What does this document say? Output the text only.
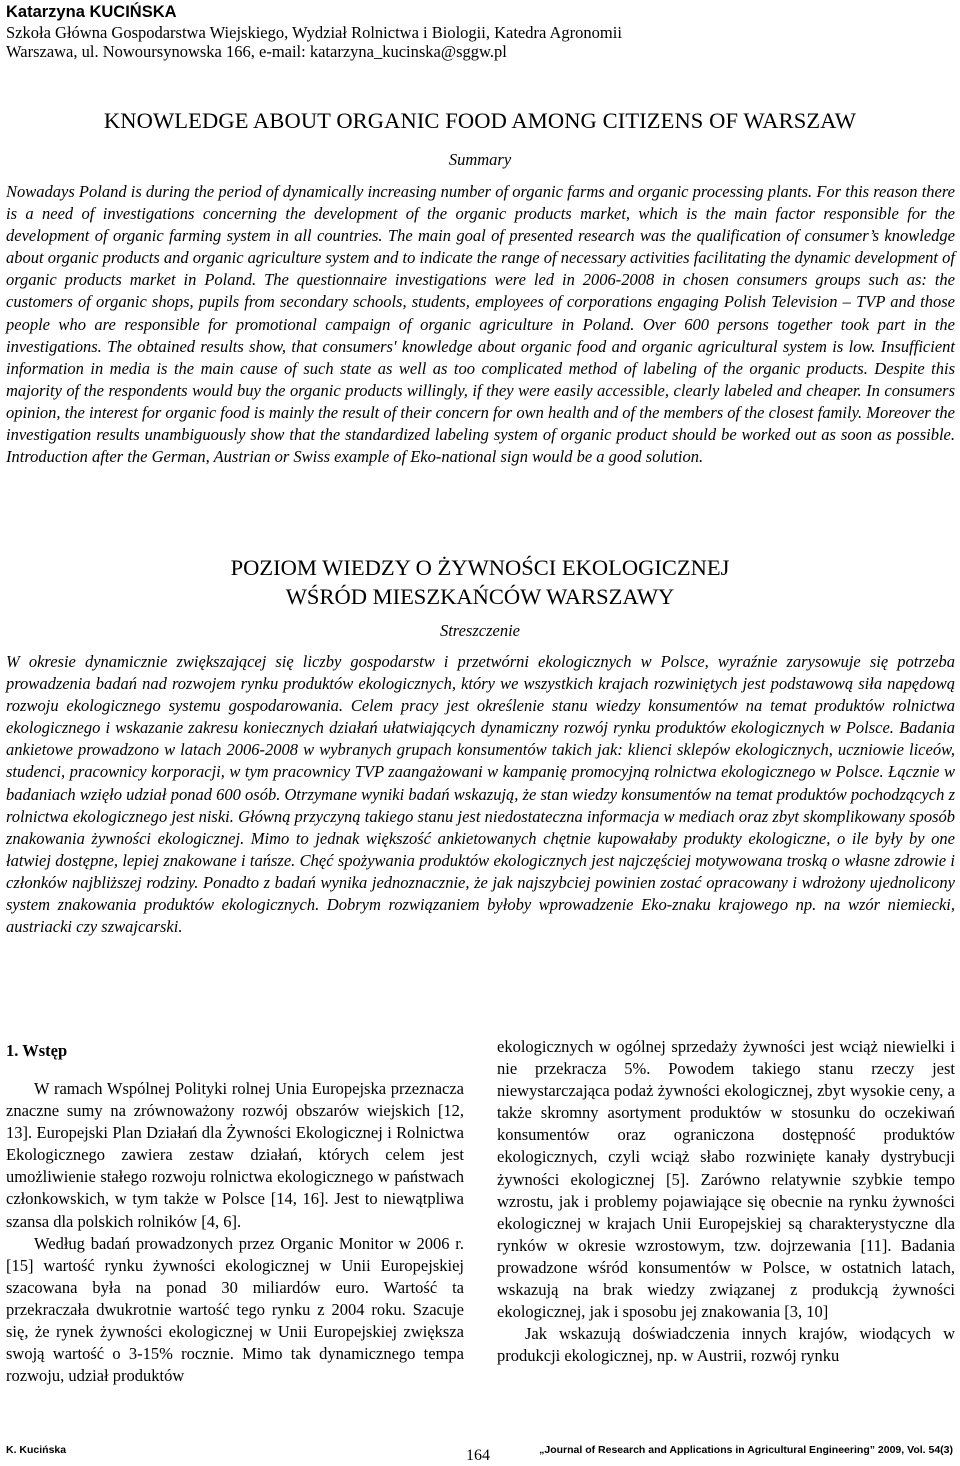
Katarzyna KUCIŃSKA
Szkoła Główna Gospodarstwa Wiejskiego, Wydział Rolnictwa i Biologii, Katedra Agronomii
Warszawa, ul. Nowoursynowska 166, e-mail: katarzyna_kucinska@sggw.pl
KNOWLEDGE ABOUT ORGANIC FOOD AMONG CITIZENS OF WARSZAW
Summary

Nowadays Poland is during the period of dynamically increasing number of organic farms and organic processing plants. For this reason there is a need of investigations concerning the development of the organic products market, which is the main factor responsible for the development of organic farming system in all countries. The main goal of presented research was the qualification of consumer’s knowledge about organic products and organic agriculture system and to indicate the range of necessary activities facilitating the dynamic development of organic products market in Poland. The questionnaire investigations were led in 2006-2008 in chosen consumers groups such as: the customers of organic shops, pupils from secondary schools, students, employees of corporations engaging Polish Television – TVP and those people who are responsible for promotional campaign of organic agriculture in Poland. Over 600 persons together took part in the investigations. The obtained results show, that consumers' knowledge about organic food and organic agricultural system is low. Insufficient information in media is the main cause of such state as well as too complicated method of labeling of the organic products. Despite this majority of the respondents would buy the organic products willingly, if they were easily accessible, clearly labeled and cheaper. In consumers opinion, the interest for organic food is mainly the result of their concern for own health and of the members of the closest family. Moreover the investigation results unambiguously show that the standardized labeling system of organic product should be worked out as soon as possible. Introduction after the German, Austrian or Swiss example of Eko-national sign would be a good solution.

POZIOM WIEDZY O ŻYWNOŚCI EKOLOGICZNEJ
WŚRÓD MIESZKAŃCÓW WARSZAWY
Streszczenie

W okresie dynamicznie zwiększającej się liczby gospodarstw i przetwórni ekologicznych w Polsce, wyraźnie zarysowuje się potrzeba prowadzenia badań nad rozwojem rynku produktów ekologicznych, który we wszystkich krajach rozwiniętych jest podstawową siła napędową rozwoju ekologicznego systemu gospodarowania. Celem pracy jest określenie stanu wiedzy konsumentów na temat produktów rolnictwa ekologicznego i wskazanie zakresu koniecznych działań ułatwiających dynamiczny rozwój rynku produktów ekologicznych w Polsce. Badania ankietowe prowadzono w latach 2006-2008 w wybranych grupach konsumentów takich jak: klienci sklepów ekologicznych, uczniowie liceów, studenci, pracownicy korporacji, w tym pracownicy TVP zaangażowani w kampanię promocyjną rolnictwa ekologicznego w Polsce. Łącznie w badaniach wzięło udział ponad 600 osób. Otrzymane wyniki badań wskazują, że stan wiedzy konsumentów na temat produktów pochodzących z rolnictwa ekologicznego jest niski. Główną przyczyną takiego stanu jest niedostateczna informacja w mediach oraz zbyt skomplikowany sposób znakowania żywności ekologicznej. Mimo to jednak większość ankietowanych chętnie kupowałaby produkty ekologiczne, o ile były by one łatwiej dostępne, lepiej znakowane i tańsze. Chęć spożywania produktów ekologicznych jest najczęściej motywowana troską o własne zdrowie i członków najbliższej rodziny. Ponadto z badań wynika jednoznacznie, że jak najszybciej powinien zostać opracowany i wdrożony ujednolicony system znakowania produktów ekologicznych. Dobrym rozwiązaniem byłoby wprowadzenie Eko-znaku krajowego np. na wzór niemiecki, austriacki czy szwajcarski.

1. Wstęp

W ramach Wspólnej Polityki rolnej Unia Europejska przeznacza znaczne sumy na zrównoważony rozwój obszarów wiejskich [12, 13]. Europejski Plan Działań dla Żywności Ekologicznej i Rolnictwa Ekologicznego zawiera zestaw działań, których celem jest umożliwienie stałego rozwoju rolnictwa ekologicznego w państwach członkowskich, w tym także w Polsce [14, 16]. Jest to niewątpliwa szansa dla polskich rolników [4, 6].

Według badań prowadzonych przez Organic Monitor w 2006 r. [15] wartość rynku żywności ekologicznej w Unii Europejskiej szacowana była na ponad 30 miliardów euro. Wartość ta przekraczała dwukrotnie wartość tego rynku z 2004 roku. Szacuje się, że rynek żywności ekologicznej w Unii Europejskiej zwiększa swoją wartość o 3-15% rocznie. Mimo tak dynamicznego tempa rozwoju, udział produktów

ekologicznych w ogólnej sprzedaży żywności jest wciąż niewielki i nie przekracza 5%. Powodem takiego stanu rzeczy jest niewystarczająca podaż żywności ekologicznej, zbyt wysokie ceny, a także skromny asortyment produktów w stosunku do oczekiwań konsumentów oraz ograniczona dostępność produktów ekologicznych, czyli wciąż słabo rozwinięte kanały dystrybucji żywności ekologicznej [5]. Zarówno relatywnie szybkie tempo wzrostu, jak i problemy pojawiające się obecnie na rynku żywności ekologicznej w krajach Unii Europejskiej są charakterystyczne dla rynków w okresie wzrostowym, tzw. dojrzewania [11]. Badania prowadzone wśród konsumentów w Polsce, w ostatnich latach, wskazują na brak wiedzy związanej z produkcją żywności ekologicznej, jak i sposobu jej znakowania [3, 10]

Jak wskazują doświadczenia innych krajów, wiodących w produkcji ekologicznej, np. w Austrii, rozwój rynku

K. Kucińska	164	„Journal of Research and Applications in Agricultural Engineering” 2009, Vol. 54(3)
